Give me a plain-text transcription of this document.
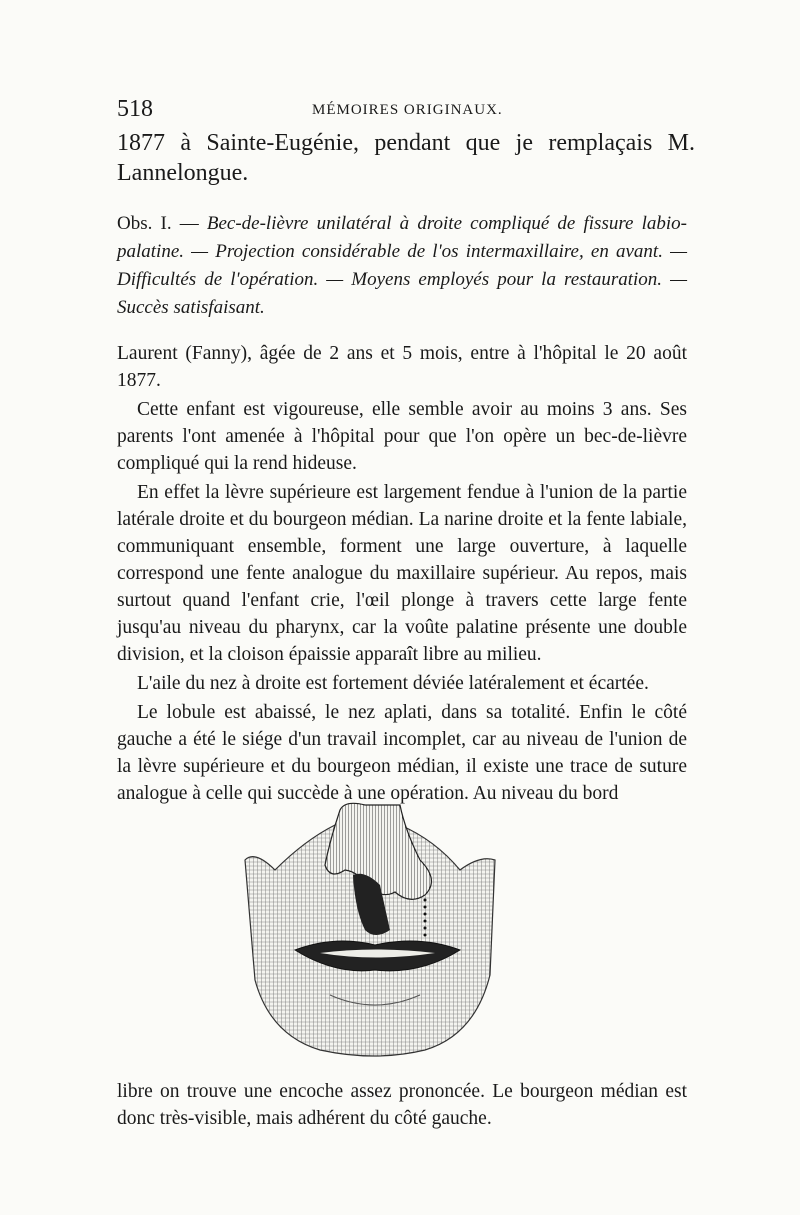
518	MÉMOIRES ORIGINAUX.
1877 à Sainte-Eugénie, pendant que je remplaçais M. Lannelongue.
Obs. I. — Bec-de-lièvre unilatéral à droite compliqué de fissure labio-palatine. — Projection considérable de l'os intermaxillaire, en avant. — Difficultés de l'opération. — Moyens employés pour la restauration. — Succès satisfaisant.

Laurent (Fanny), âgée de 2 ans et 5 mois, entre à l'hôpital le 20 août 1877.

Cette enfant est vigoureuse, elle semble avoir au moins 3 ans. Ses parents l'ont amenée à l'hôpital pour que l'on opère un bec-de-lièvre compliqué qui la rend hideuse.

En effet la lèvre supérieure est largement fendue à l'union de la partie latérale droite et du bourgeon médian. La narine droite et la fente labiale, communiquant ensemble, forment une large ouverture, à laquelle correspond une fente analogue du maxillaire supérieur. Au repos, mais surtout quand l'enfant crie, l'œil plonge à travers cette large fente jusqu'au niveau du pharynx, car la voûte palatine présente une double division, et la cloison épaissie apparaît libre au milieu.

L'aile du nez à droite est fortement déviée latéralement et écartée.

Le lobule est abaissé, le nez aplati, dans sa totalité. Enfin le côté gauche a été le siége d'un travail incomplet, car au niveau de l'union de la lèvre supérieure et du bourgeon médian, il existe une trace de suture analogue à celle qui succède à une opération. Au niveau du bord

libre on trouve une encoche assez prononcée. Le bourgeon médian est donc très-visible, mais adhérent du côté gauche.
